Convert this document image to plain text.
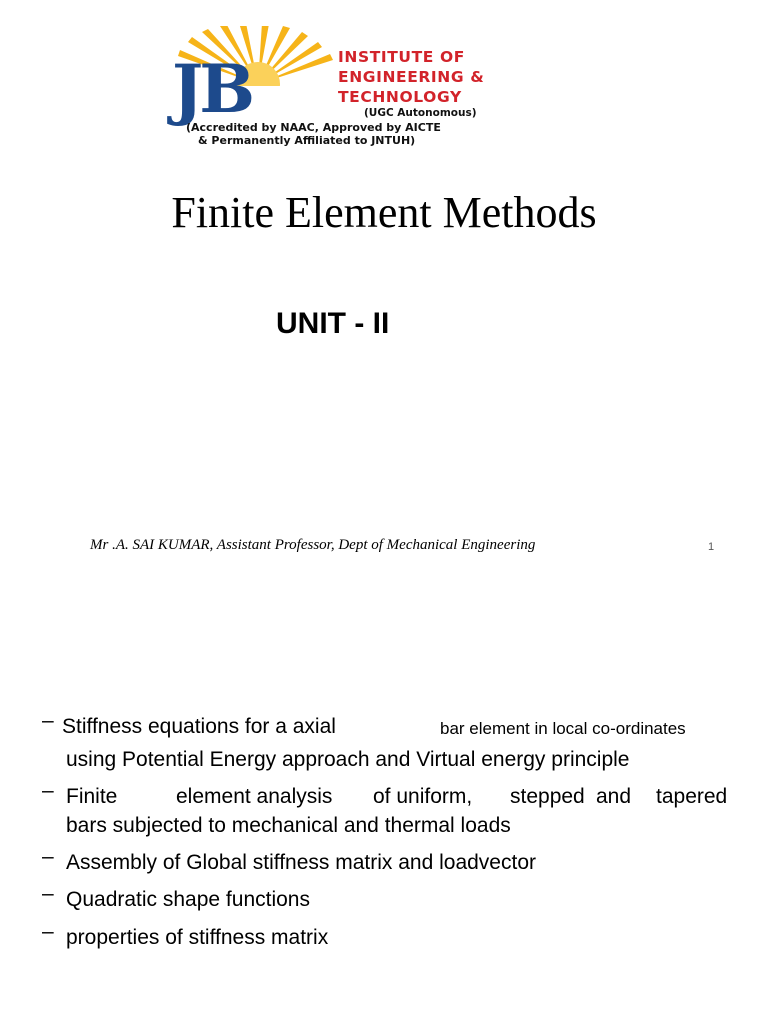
JB	INSTITUTE OF
ENGINEERING &
TECHNOLOGY
(UGC Autonomous)
(Accredited by NAAC, Approved by AICTE
& Permanently Affiliated to JNTUH)
Finite Element Methods
UNIT - II
Mr .A. SAI KUMAR, Assistant Professor, Dept of Mechanical Engineering	1
– Stiffness equations for a axial	bar element in local co-ordinates
using Potential Energy approach and Virtual energy principle
– Finite	element analysis of uniform, stepped and tapered
bars subjected to mechanical and thermal loads
– Assembly of Global stiffness matrix and loadvector
– Quadratic shape functions
– properties of stiffness matrix
